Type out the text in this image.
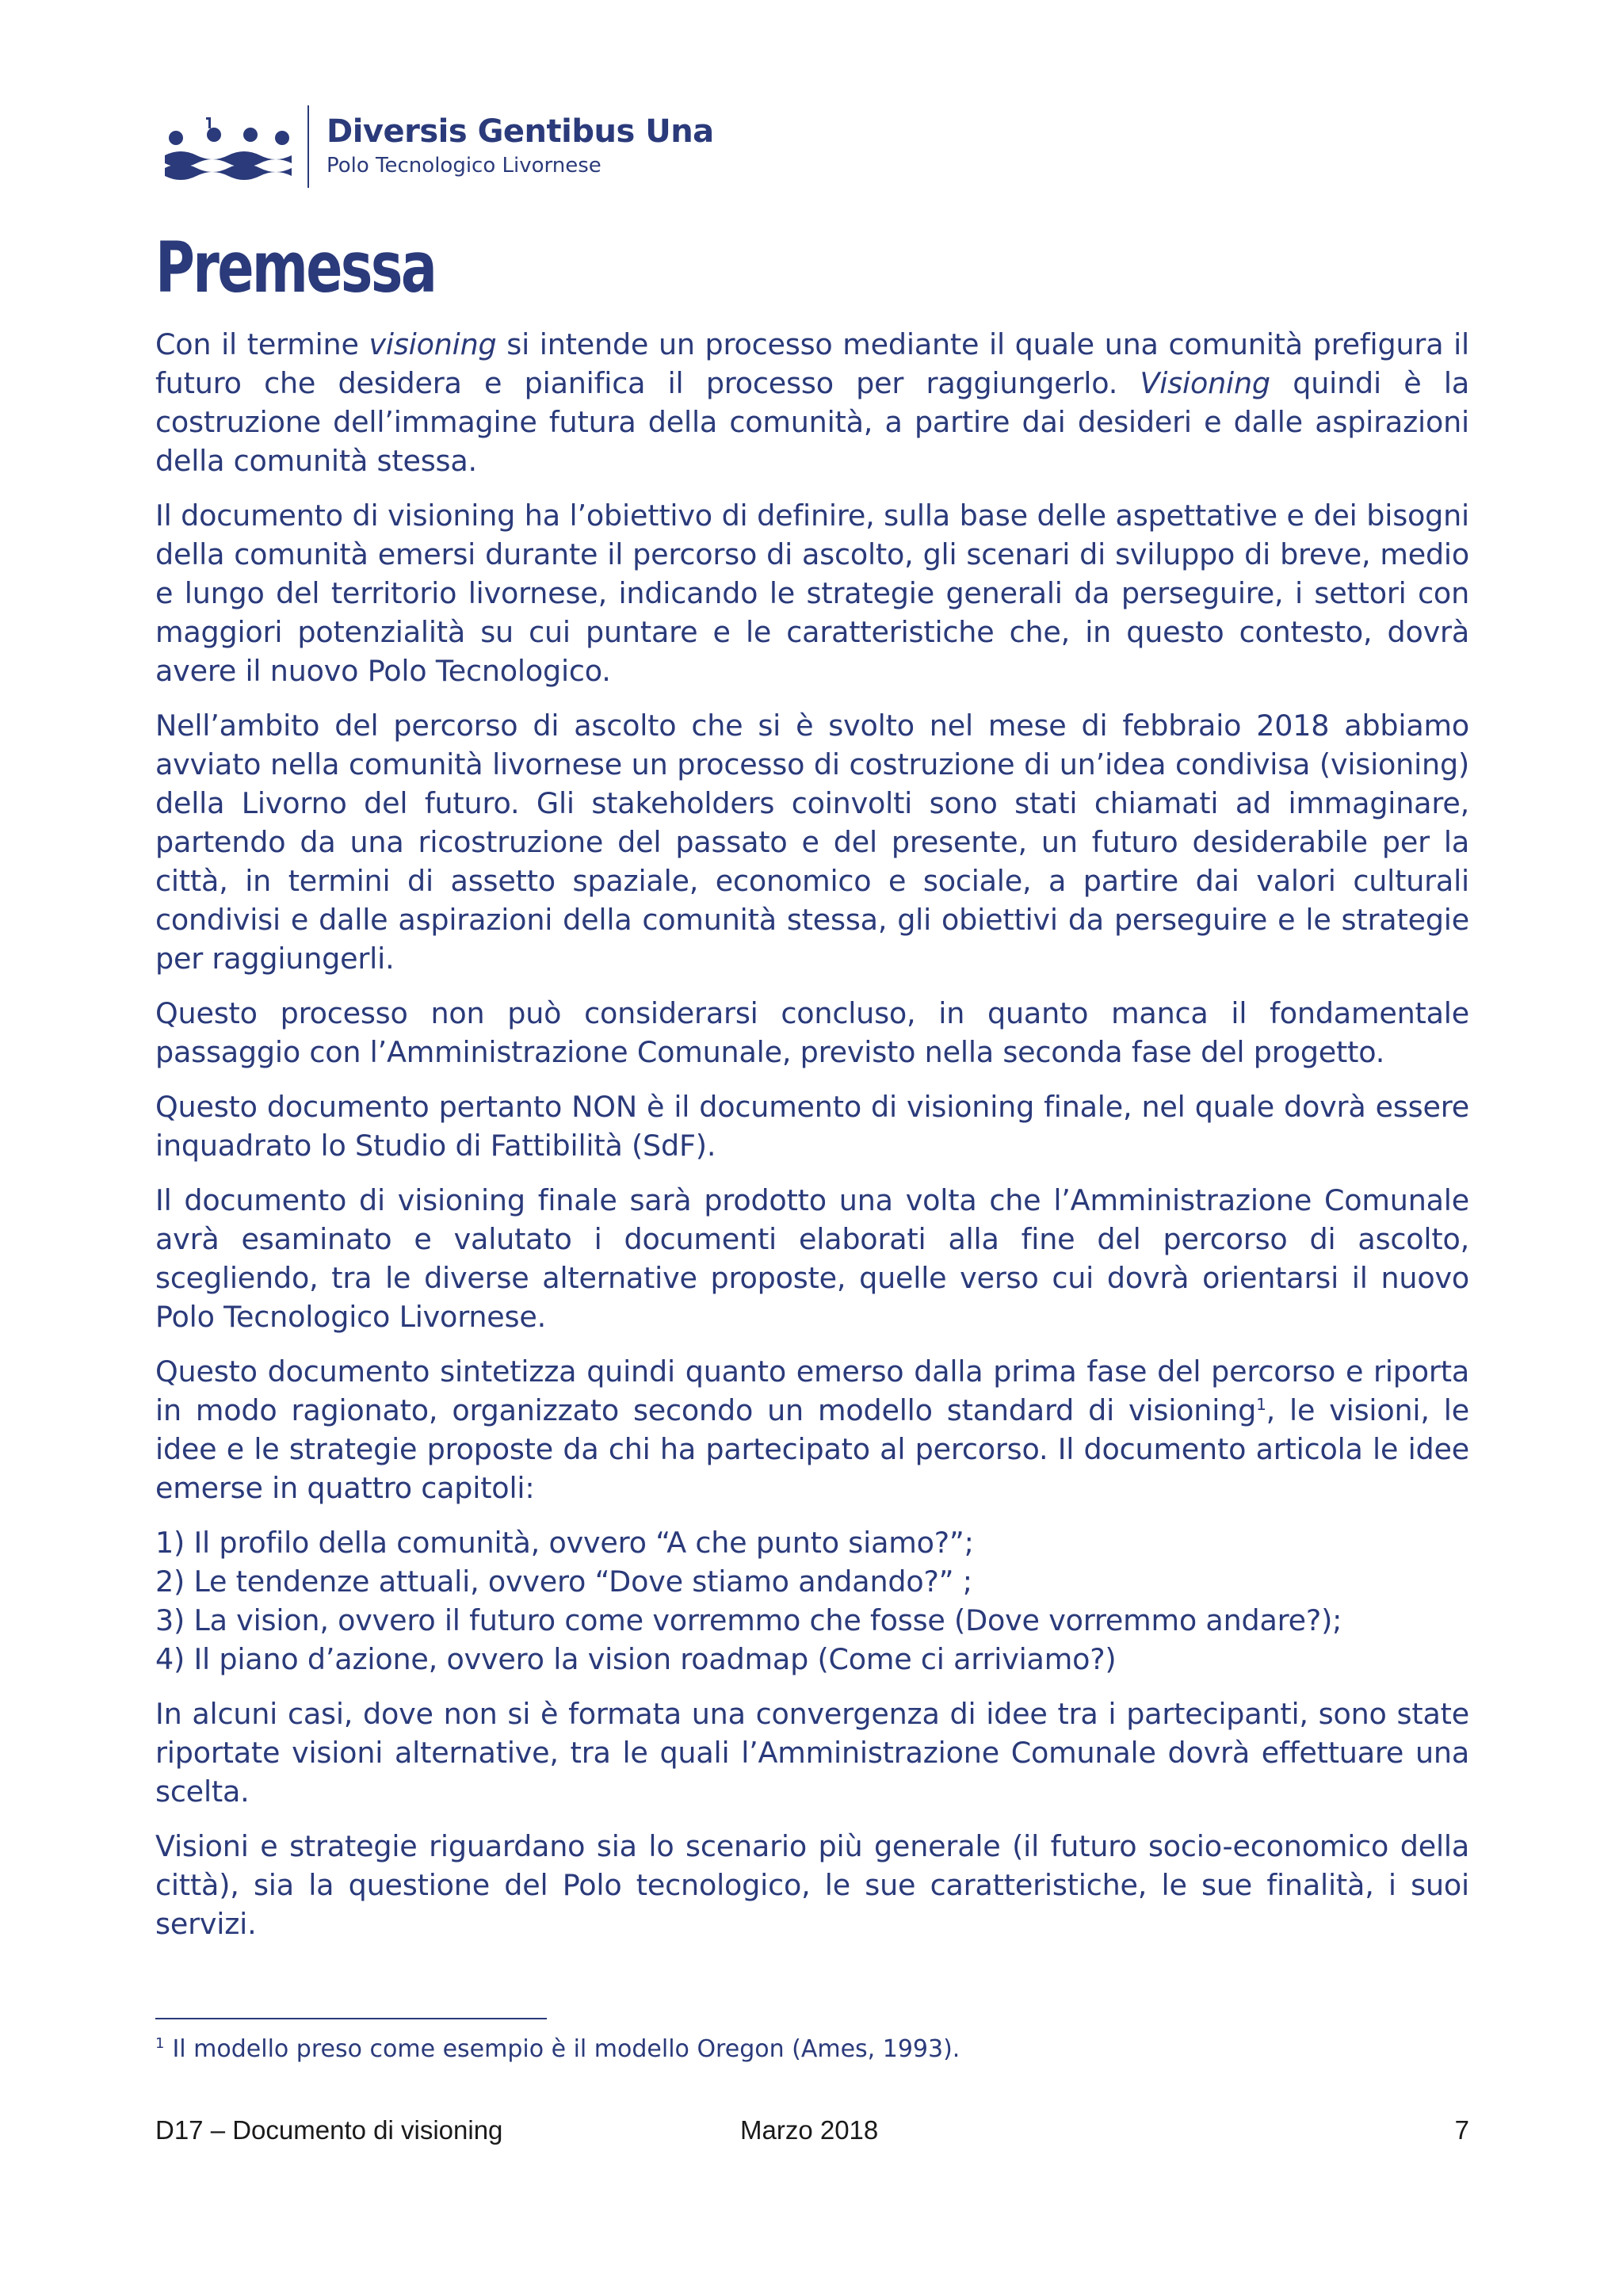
Diversis Gentibus Una
Polo Tecnologico Livornese
Premessa

Con il termine visioning si intende un processo mediante il quale una comunità prefigura il futuro che desidera e pianifica il processo per raggiungerlo. Visioning quindi è la costruzione dell’immagine futura della comunità, a partire dai desideri e dalle aspirazioni della comunità stessa.

Il documento di visioning ha l’obiettivo di definire, sulla base delle aspettative e dei bisogni della comunità emersi durante il percorso di ascolto, gli scenari di sviluppo di breve, medio e lungo del territorio livornese, indicando le strategie generali da perseguire, i settori con maggiori potenzialità su cui puntare e le caratteristiche che, in questo contesto, dovrà avere il nuovo Polo Tecnologico.

Nell’ambito del percorso di ascolto che si è svolto nel mese di febbraio 2018 abbiamo avviato nella comunità livornese un processo di costruzione di un’idea condivisa (visioning) della Livorno del futuro. Gli stakeholders coinvolti sono stati chiamati ad immaginare, partendo da una ricostruzione del passato e del presente, un futuro desiderabile per la città, in termini di assetto spaziale, economico e sociale, a partire dai valori culturali condivisi e dalle aspirazioni della comunità stessa, gli obiettivi da perseguire e le strategie per raggiungerli.

Questo processo non può considerarsi concluso, in quanto manca il fondamentale passaggio con l’Amministrazione Comunale, previsto nella seconda fase del progetto.

Questo documento pertanto NON è il documento di visioning finale, nel quale dovrà essere inquadrato lo Studio di Fattibilità (SdF).

Il documento di visioning finale sarà prodotto una volta che l’Amministrazione Comunale avrà esaminato e valutato i documenti elaborati alla fine del percorso di ascolto, scegliendo, tra le diverse alternative proposte, quelle verso cui dovrà orientarsi il nuovo Polo Tecnologico Livornese.

Questo documento sintetizza quindi quanto emerso dalla prima fase del percorso e riporta in modo ragionato, organizzato secondo un modello standard di visioning$^1$, le visioni, le idee e le strategie proposte da chi ha partecipato al percorso. Il documento articola le idee emerse in quattro capitoli:

1) Il profilo della comunità, ovvero “A che punto siamo?”;
2) Le tendenze attuali, ovvero “Dove stiamo andando?” ;
3) La vision, ovvero il futuro come vorremmo che fosse (Dove vorremmo andare?);
4) Il piano d’azione, ovvero la vision roadmap (Come ci arriviamo?)

In alcuni casi, dove non si è formata una convergenza di idee tra i partecipanti, sono state riportate visioni alternative, tra le quali l’Amministrazione Comunale dovrà effettuare una scelta.

Visioni e strategie riguardano sia lo scenario più generale (il futuro socio-economico della città), sia la questione del Polo tecnologico, le sue caratteristiche, le sue finalità, i suoi servizi.

$^1$ Il modello preso come esempio è il modello Oregon (Ames, 1993).
D17 – Documento di visioning	Marzo 2018	7
